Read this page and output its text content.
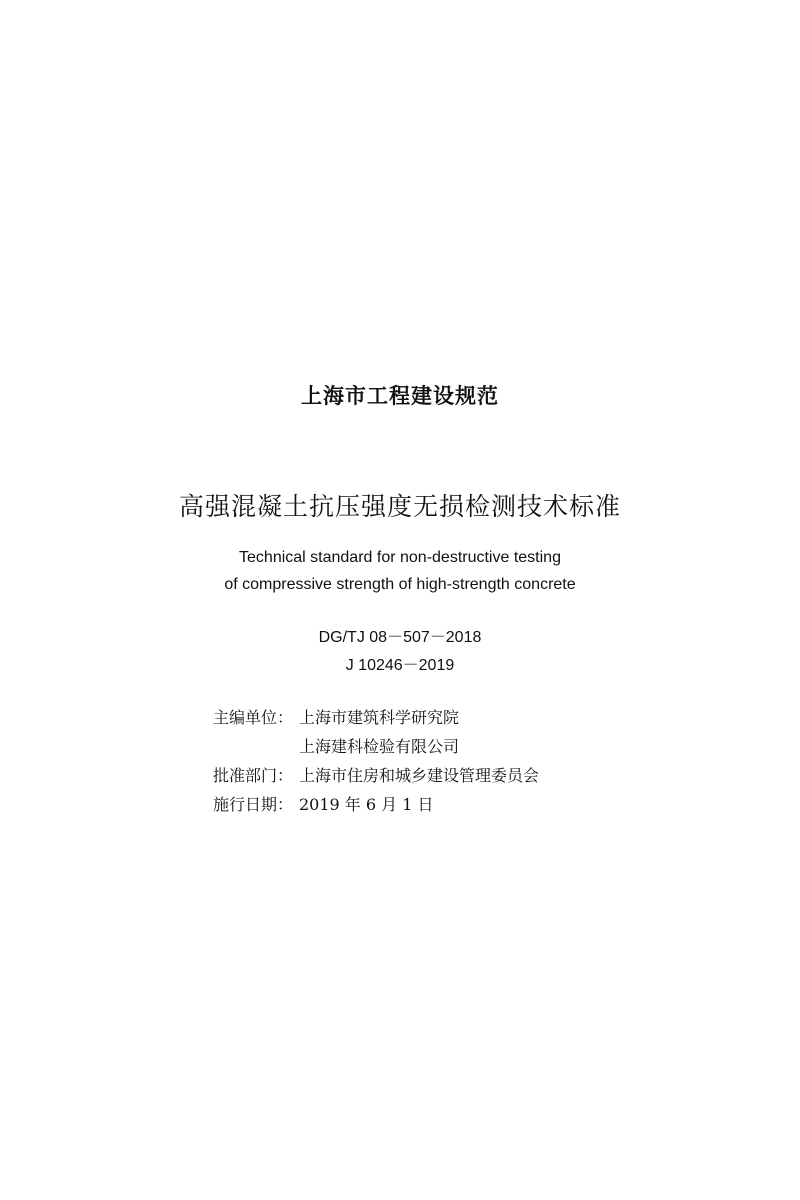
上海市工程建设规范
高强混凝土抗压强度无损检测技术标准
Technical standard for non-destructive testing
of compressive strength of high-strength concrete
DG/TJ 08－507－2018
J 10246－2019
主编单位： 上海市建筑科学研究院
上海建科检验有限公司
批准部门： 上海市住房和城乡建设管理委员会
施行日期： 2019 年 6 月 1 日
